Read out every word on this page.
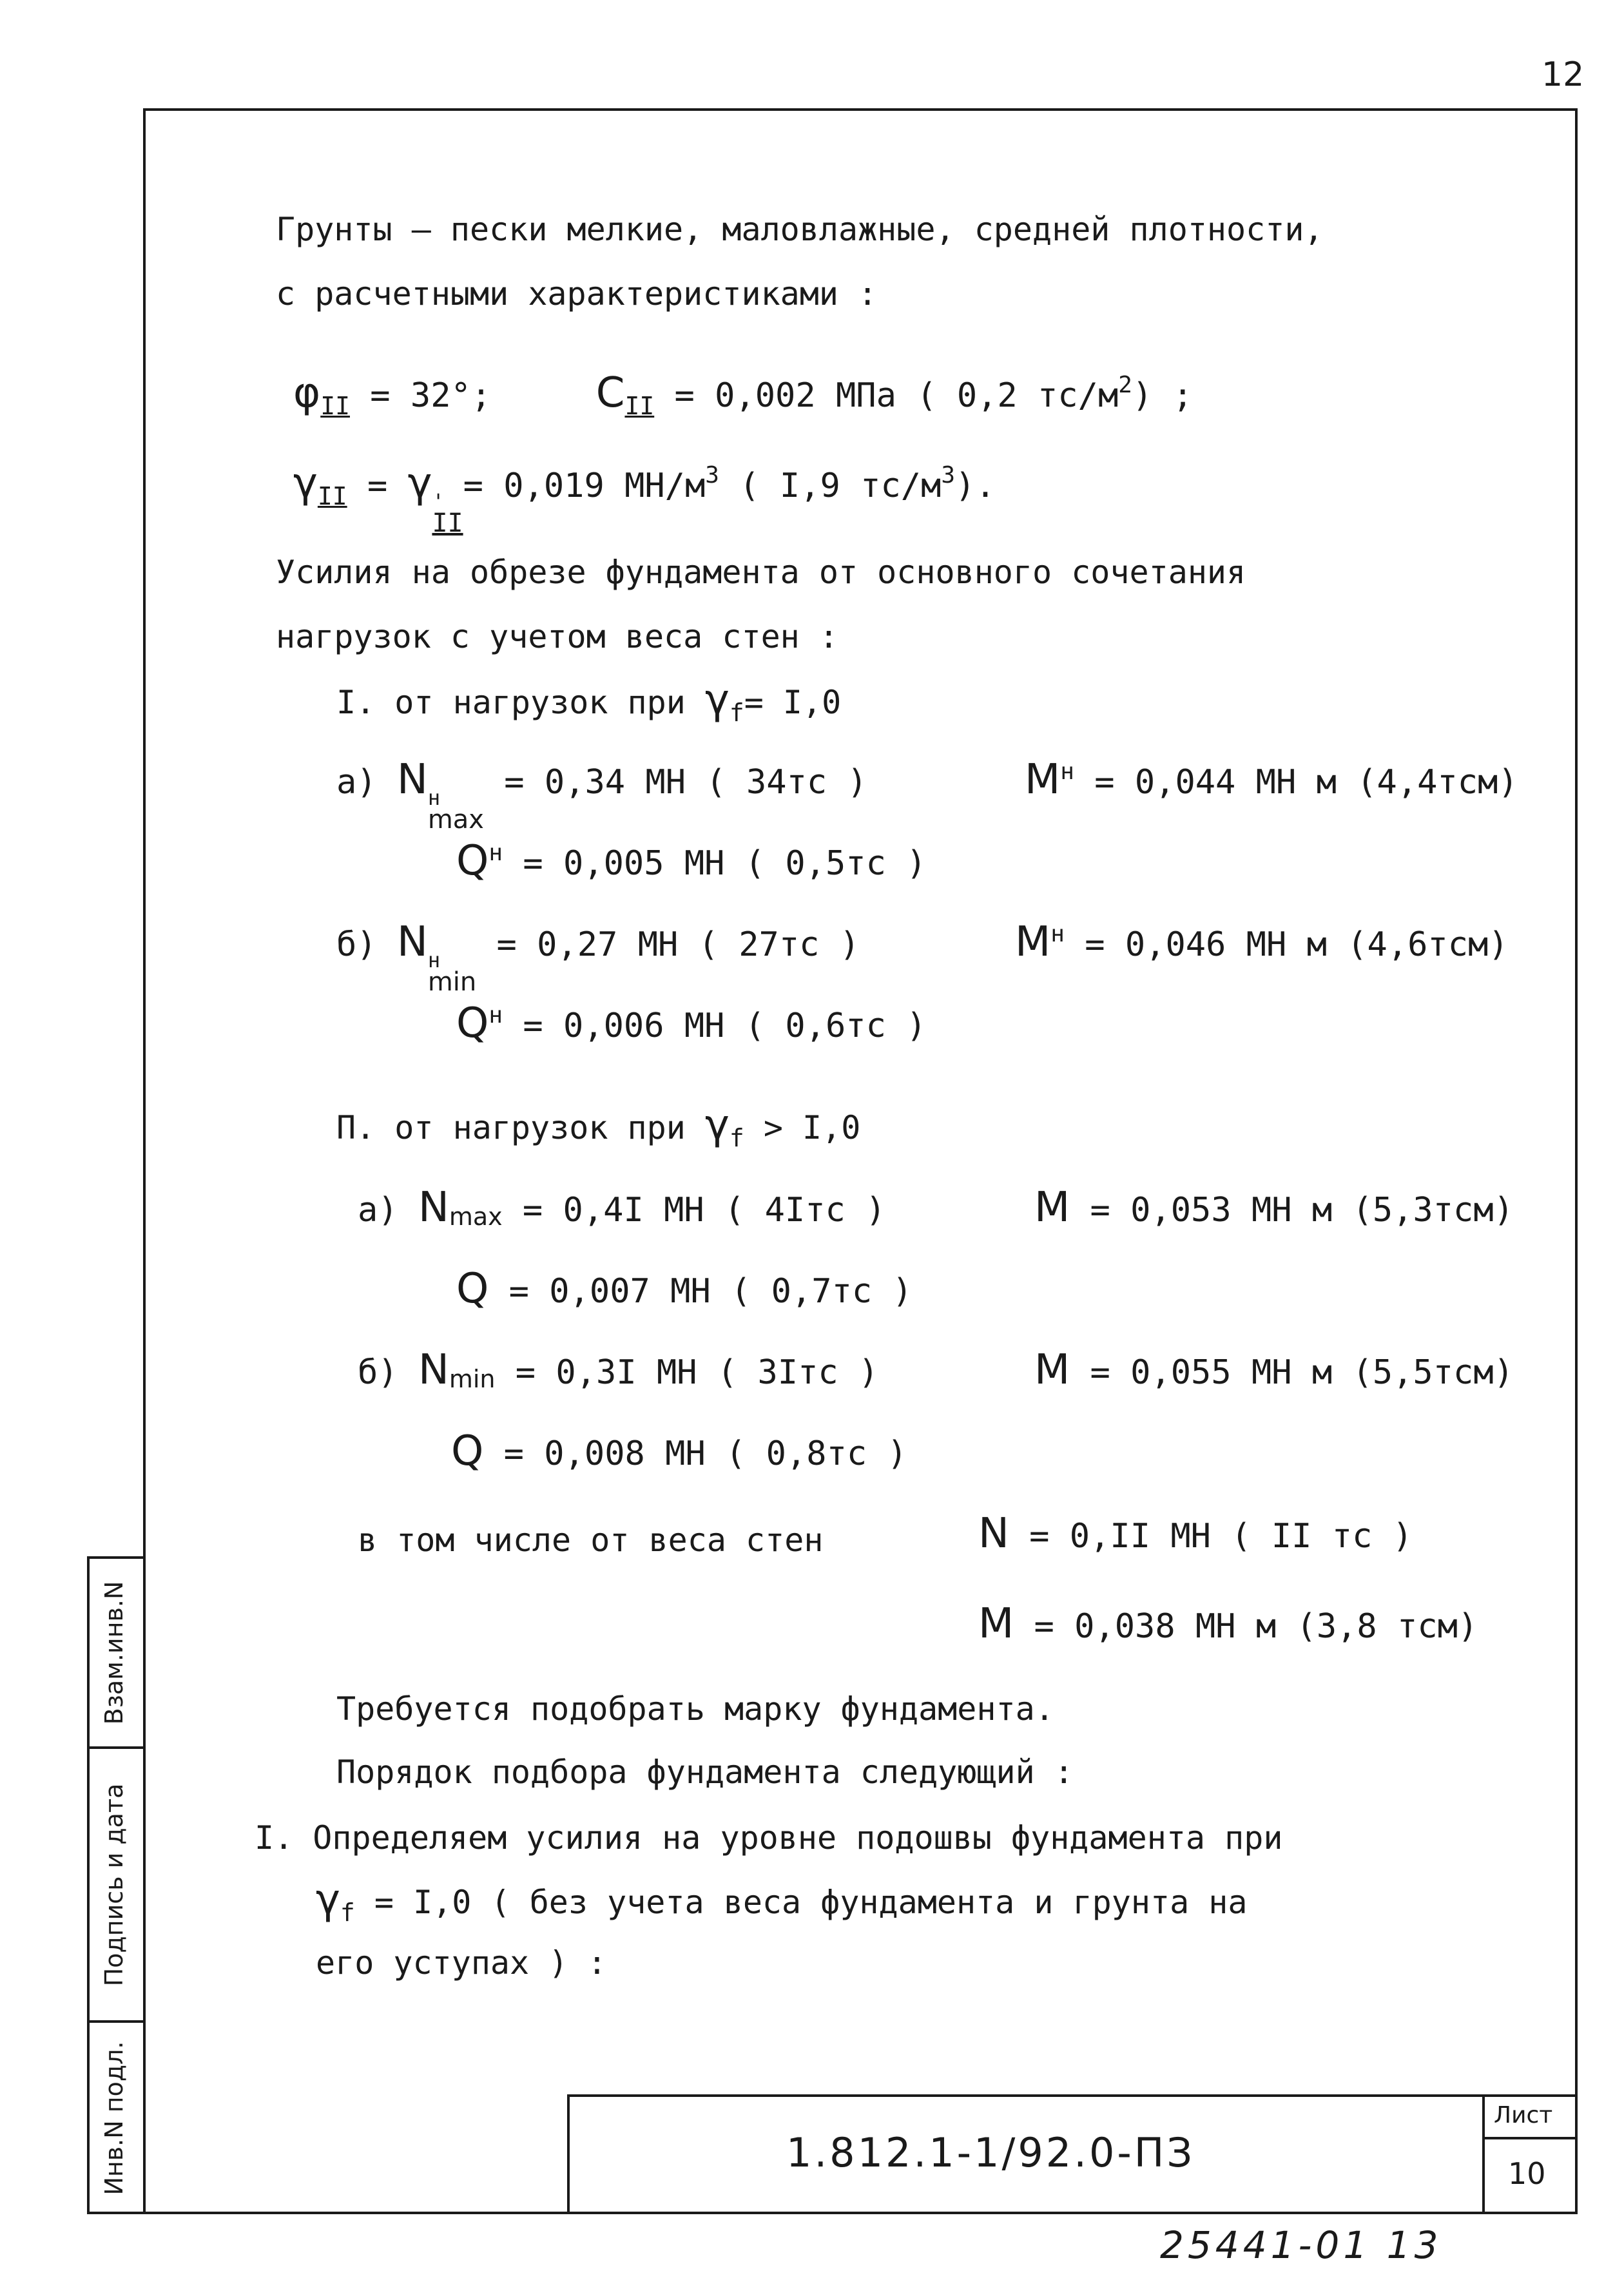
12
Взам.инв.N
Подпись и дата
Инв.N подл.	1.812.1-1/92.0-ПЗ
Лист
10
25441-01 13
Грунты – пески мелкие, маловлажные, средней плотности,
с расчетными характеристиками :
$\varphi_{II} = 32^\circ$;	$C_{II} = 0,002$ МПа ( 0,2 $тс/м^2$) ;
$\gamma_{II} = \gamma$ '
II
= 0,019 $МН/м^3$ ( I,9 $тс/м^3$).
Усилия на обрезе фундамента от основного сочетания
нагрузок с учетом веса стен :
I. от нагрузок при $\gamma_f= I,0$
а) N н
max
= 0,34 МН ( 34тс )	$M^н = 0,044$ МН м (4,4тсм)
$Q^н = 0,005$ МН ( 0,5тс )
б) N н
min
= 0,27 МН ( 27тс )	$M^н = 0,046$ МН м (4,6тсм)
$Q^н = 0,006$ МН ( 0,6тс )
П. от нагрузок при $\gamma_f > I,0$
а) Nmax = 0,4I МН ( 4Iтс )	M = 0,053 МН м (5,3тсм)
Q = 0,007 МН ( 0,7тс )
б) Nmin = 0,3I МН ( 3Iтс )	M = 0,055 МН м (5,5тсм)
Q = 0,008 МН ( 0,8тс )
в том числе от веса стен	N = 0,II МН ( II тс )
M = 0,038 МН м (3,8 тсм)
Требуется подобрать марку фундамента.
Порядок подбора фундамента следующий :
I. Определяем усилия на уровне подошвы фундамента при
$\gamma_f = I,0$ ( без учета веса фундамента и грунта на
его уступах ) :
